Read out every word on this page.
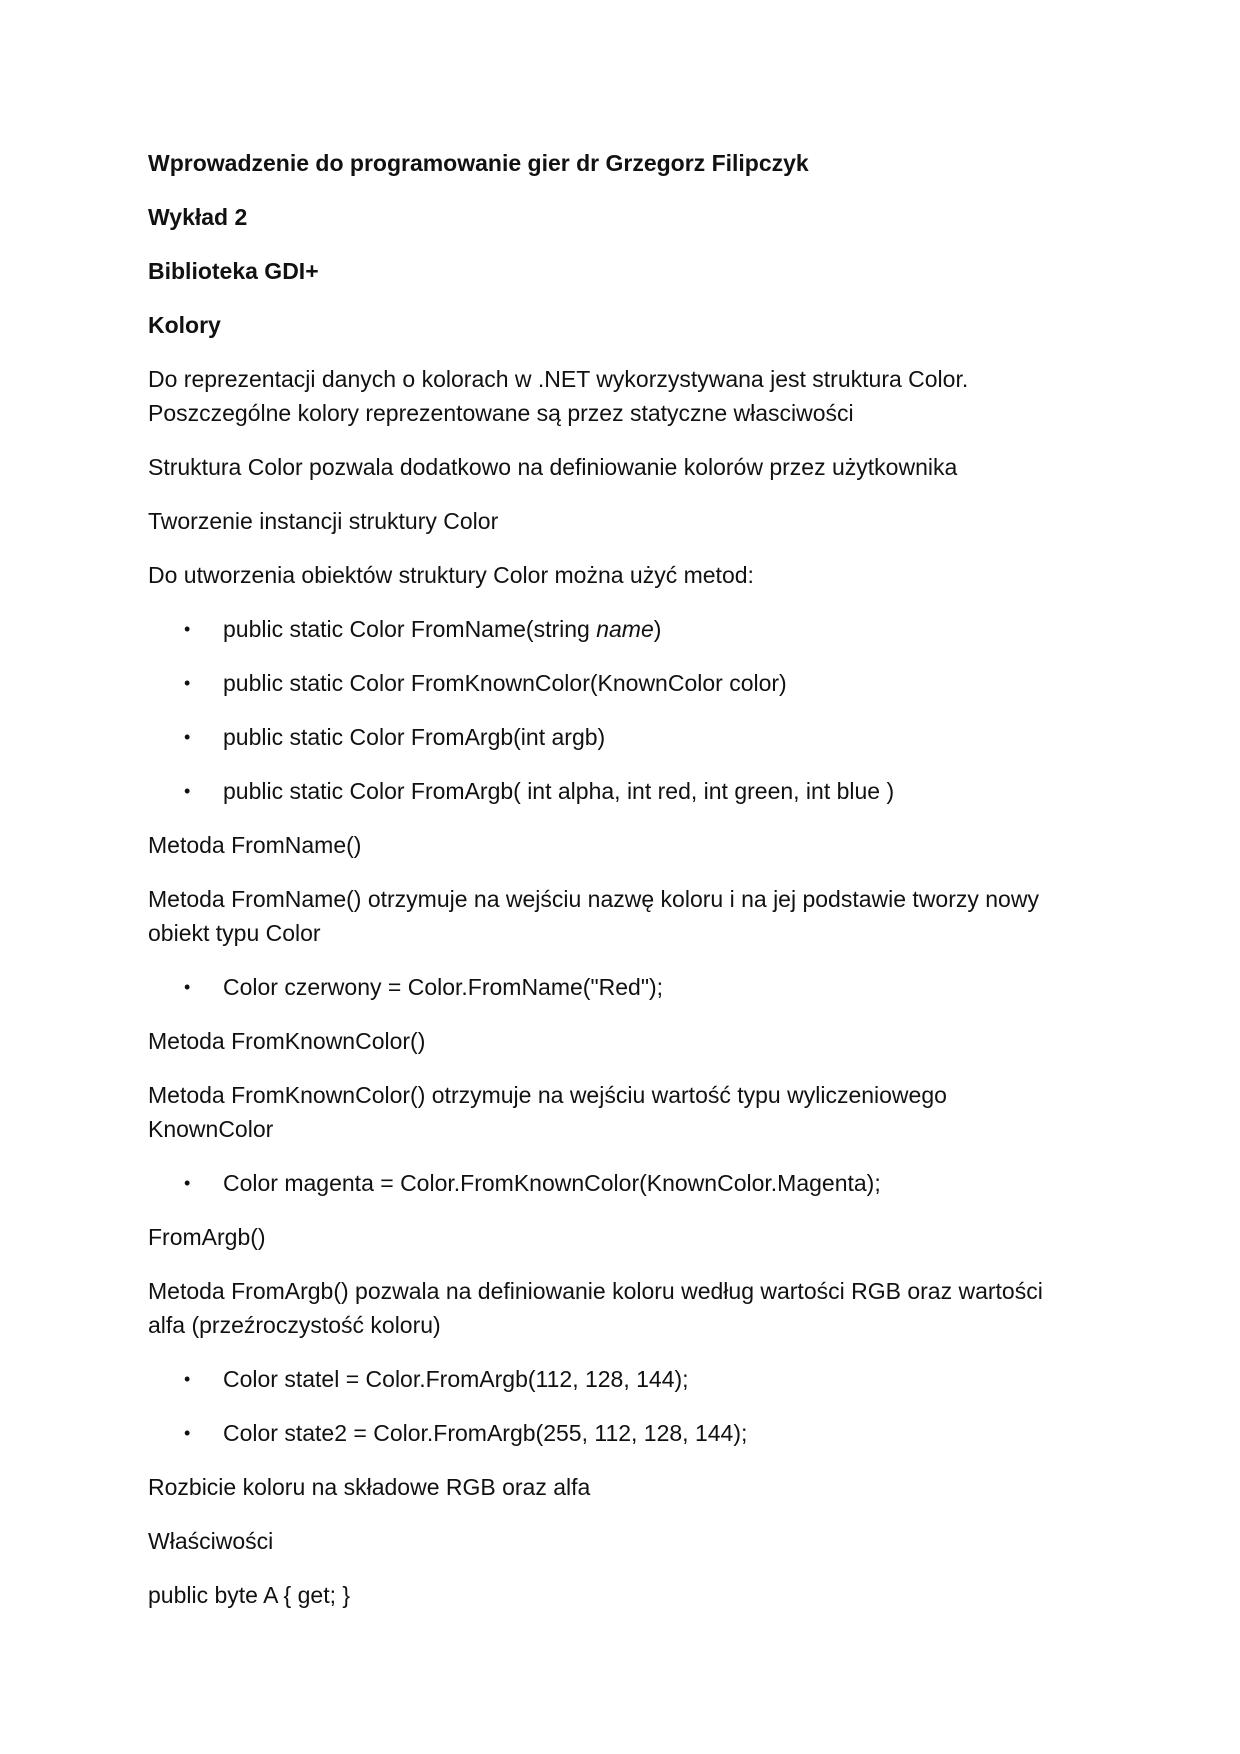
Wprowadzenie do programowanie gier dr Grzegorz Filipczyk

Wykład 2

Biblioteka GDI+

Kolory

Do reprezentacji danych o kolorach w .NET wykorzystywana jest struktura Color. Poszczególne kolory reprezentowane są przez statyczne własciwości

Struktura Color pozwala dodatkowo na definiowanie kolorów przez użytkownika

Tworzenie instancji struktury Color

Do utworzenia obiektów struktury Color można użyć metod:

• public static Color FromName(string name)
• public static Color FromKnownColor(KnownColor color)
• public static Color FromArgb(int argb)
• public static Color FromArgb( int alpha, int red, int green, int blue )

Metoda FromName()

Metoda FromName() otrzymuje na wejściu nazwę koloru i na jej podstawie tworzy nowy obiekt typu Color

• Color czerwony = Color.FromName("Red");

Metoda FromKnownColor()

Metoda FromKnownColor() otrzymuje na wejściu wartość typu wyliczeniowego KnownColor

• Color magenta = Color.FromKnownColor(KnownColor.Magenta);

FromArgb()

Metoda FromArgb() pozwala na definiowanie koloru według wartości RGB oraz wartości alfa (przeźroczystość koloru)

• Color statel = Color.FromArgb(112, 128, 144);
• Color state2 = Color.FromArgb(255, 112, 128, 144);

Rozbicie koloru na składowe RGB oraz alfa

Właściwości

public byte A { get; }
